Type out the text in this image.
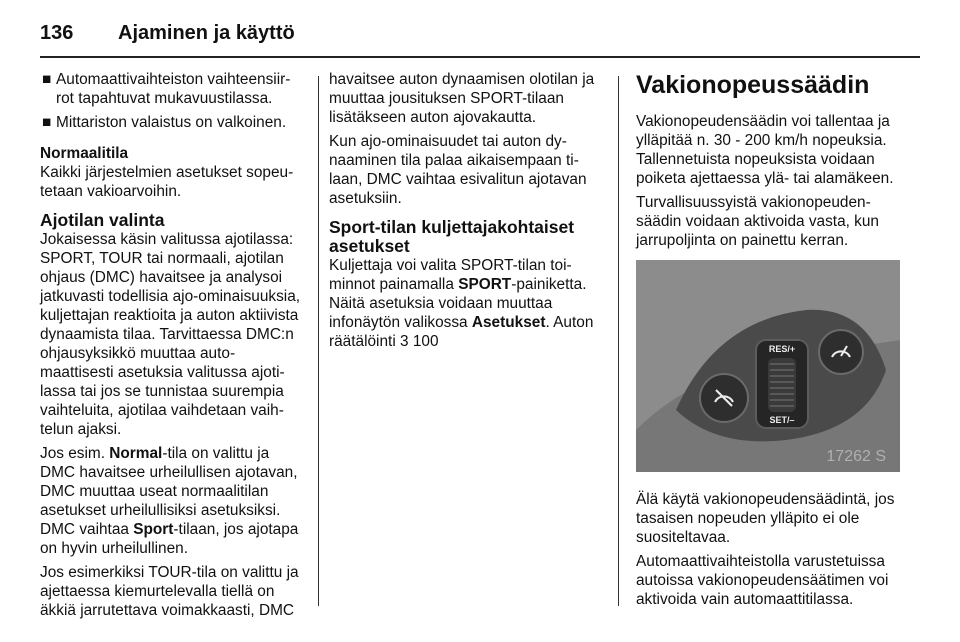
136 Ajaminen ja käyttö
■ Automaattivaihteiston vaihteensiirrot tapahtuvat mukavuustilassa.
■ Mittariston valaistus on valkoinen.

Normaalitila

Kaikki järjestelmien asetukset sopeutetaan vakioarvoihin.

Ajotilan valinta

Jokaisessa käsin valitussa ajotilassa: SPORT, TOUR tai normaali, ajotilan ohjaus (DMC) havaitsee ja analysoi jatkuvasti todellisia ajo-ominaisuuksia, kuljettajan reaktioita ja auton aktiivista dynaamista tilaa. Tarvittaessa DMC:n ohjausyksikkö muuttaa automaattisesti asetuksia valitussa ajotilassa tai jos se tunnistaa suurempia vaihteluita, ajotilaa vaihdetaan vaihtelun ajaksi.

Jos esim. Normal-tila on valittu ja DMC havaitsee urheilullisen ajotavan, DMC muuttaa useat normaalitilan asetukset urheilullisiksi asetuksiksi. DMC vaihtaa Sport-tilaan, jos ajotapa on hyvin urheilullinen.

Jos esimerkiksi TOUR-tila on valittu ja ajettaessa kiemurtelevalla tiellä on äkkiä jarrutettava voimakkaasti, DMC

havaitsee auton dynaamisen olotilan ja muuttaa jousituksen SPORT-tilaan lisätäkseen auton ajovakautta.

Kun ajo-ominaisuudet tai auton dynaaminen tila palaa aikaisempaan tilaan, DMC vaihtaa esivalitun ajotavan asetuksiin.

Sport-tilan kuljettajakohtaiset asetukset

Kuljettaja voi valita SPORT-tilan toiminnot painamalla SPORT-painiketta. Näitä asetuksia voidaan muuttaa infonäytön valikossa Asetukset. Auton räätälöinti 3 100

Vakionopeussäädin

Vakionopeudensäädin voi tallentaa ja ylläpitää n. 30 - 200 km/h nopeuksia. Tallennetuista nopeuksista voidaan poiketa ajettaessa ylä- tai alamäkeen.

Turvallisuussyistä vakionopeudensäädin voidaan aktivoida vasta, kun jarrupoljinta on painettu kerran.

RES/+
SET/–
17262 S

Älä käytä vakionopeudensäädintä, jos tasaisen nopeuden ylläpito ei ole suositeltavaa.

Automaattivaihteistolla varustetuissa autoissa vakionopeudensäätimen voi aktivoida vain automaattitilassa.
